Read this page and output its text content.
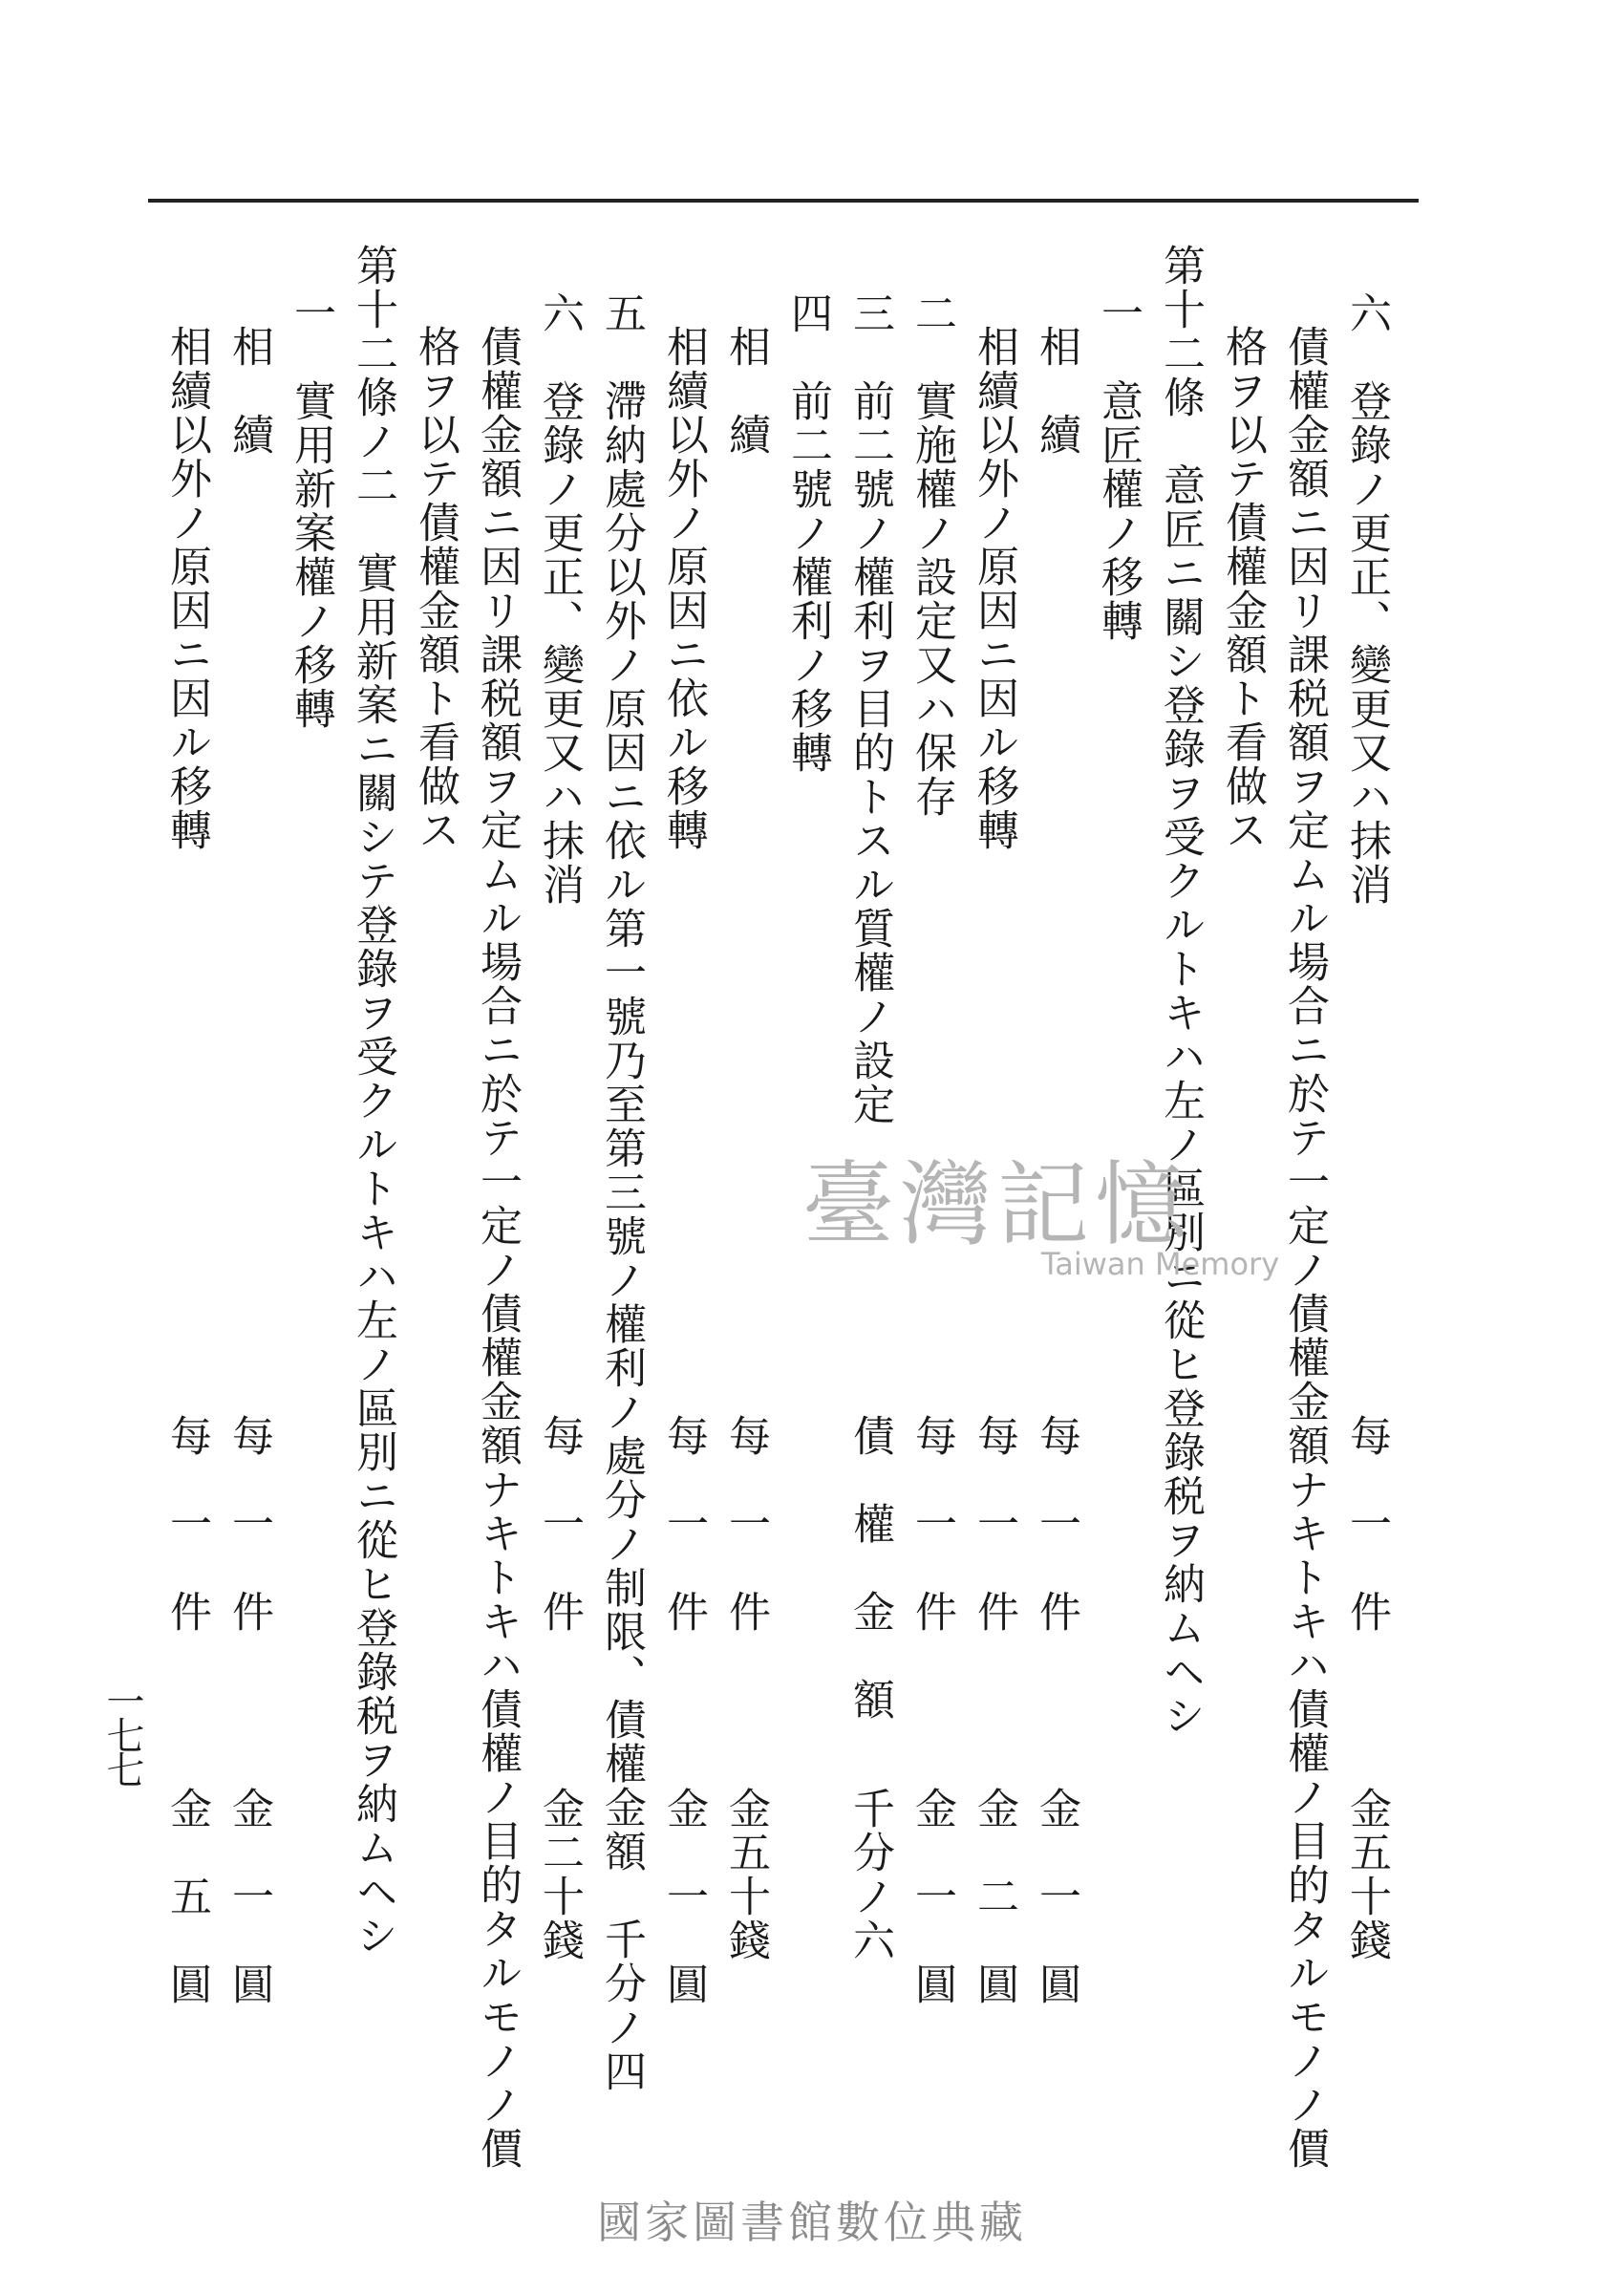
六　登錄ノ更正、變更又ハ抹消
每　一　件
金五十錢
債權金額ニ因リ課税額ヲ定ムル場合ニ於テ一定ノ債權金額ナキトキハ債權ノ目的タルモノノ價
格ヲ以テ債權金額ト看做ス
第十二條　意匠ニ關シ登錄ヲ受クルトキハ左ノ區別ニ從ヒ登錄税ヲ納ムヘシ
一　意匠權ノ移轉
相　續
每　一　件
金　一　圓
相續以外ノ原因ニ因ル移轉
每　一　件
金　二　圓
二　實施權ノ設定又ハ保存
每　一　件
金　一　圓
三　前二號ノ權利ヲ目的トスル質權ノ設定
債　權　金　額
千分ノ六
四　前二號ノ權利ノ移轉
相　續
每　一　件
金五十錢
相續以外ノ原因ニ依ル移轉
每　一　件
金　一　圓
五　滯納處分以外ノ原因ニ依ル第一號乃至第三號ノ權利ノ處分ノ制限、債權金額　千分ノ四
六　登錄ノ更正、變更又ハ抹消
每　一　件
金二十錢
債權金額ニ因リ課税額ヲ定ムル場合ニ於テ一定ノ債權金額ナキトキハ債權ノ目的タルモノノ價
格ヲ以テ債權金額ト看做ス
第十二條ノ二　實用新案ニ關シテ登錄ヲ受クルトキハ左ノ區別ニ從ヒ登錄税ヲ納ムヘシ
一　實用新案權ノ移轉
相　續
每　一　件
金　一　圓
相續以外ノ原因ニ因ル移轉
每　一　件
金　五　圓
一七七
臺灣記憶
Taiwan Memory
國家圖書館數位典藏
